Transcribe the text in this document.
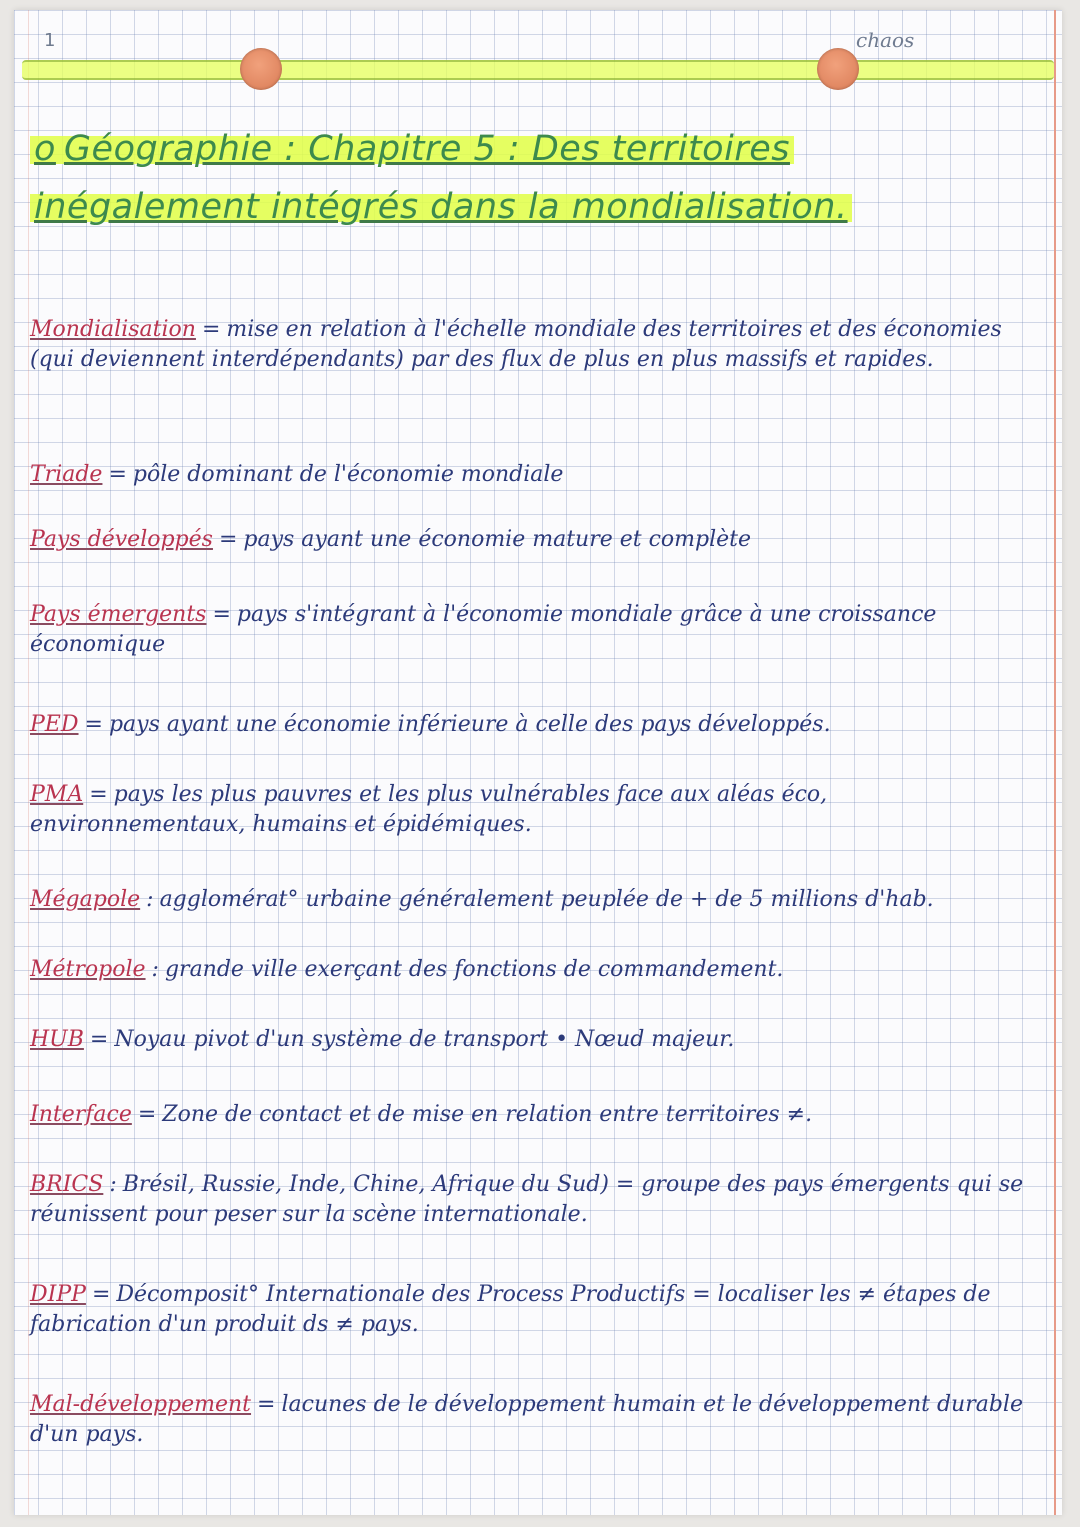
1	chaos
o Géographie : Chapitre 5 : Des territoires
inégalement intégrés dans la mondialisation.
Mondialisation = mise en relation à l'échelle mondiale des territoires et des économies (qui deviennent interdépendants) par des flux de plus en plus massifs et rapides.
Triade = pôle dominant de l'économie mondiale
Pays développés = pays ayant une économie mature et complète
Pays émergents = pays s'intégrant à l'économie mondiale grâce à une croissance économique
PED = pays ayant une économie inférieure à celle des pays développés.
PMA = pays les plus pauvres et les plus vulnérables face aux aléas éco, environnementaux, humains et épidémiques.
Mégapole : agglomérat° urbaine généralement peuplée de + de 5 millions d'hab.
Métropole : grande ville exerçant des fonctions de commandement.
HUB = Noyau pivot d'un système de transport • Nœud majeur.
Interface = Zone de contact et de mise en relation entre territoires ≠.
BRICS : Brésil, Russie, Inde, Chine, Afrique du Sud) = groupe des pays émergents qui se réunissent pour peser sur la scène internationale.
DIPP = Décomposit° Internationale des Process Productifs = localiser les ≠ étapes de fabrication d'un produit ds ≠ pays.
Mal-développement = lacunes de le développement humain et le développement durable d'un pays.
